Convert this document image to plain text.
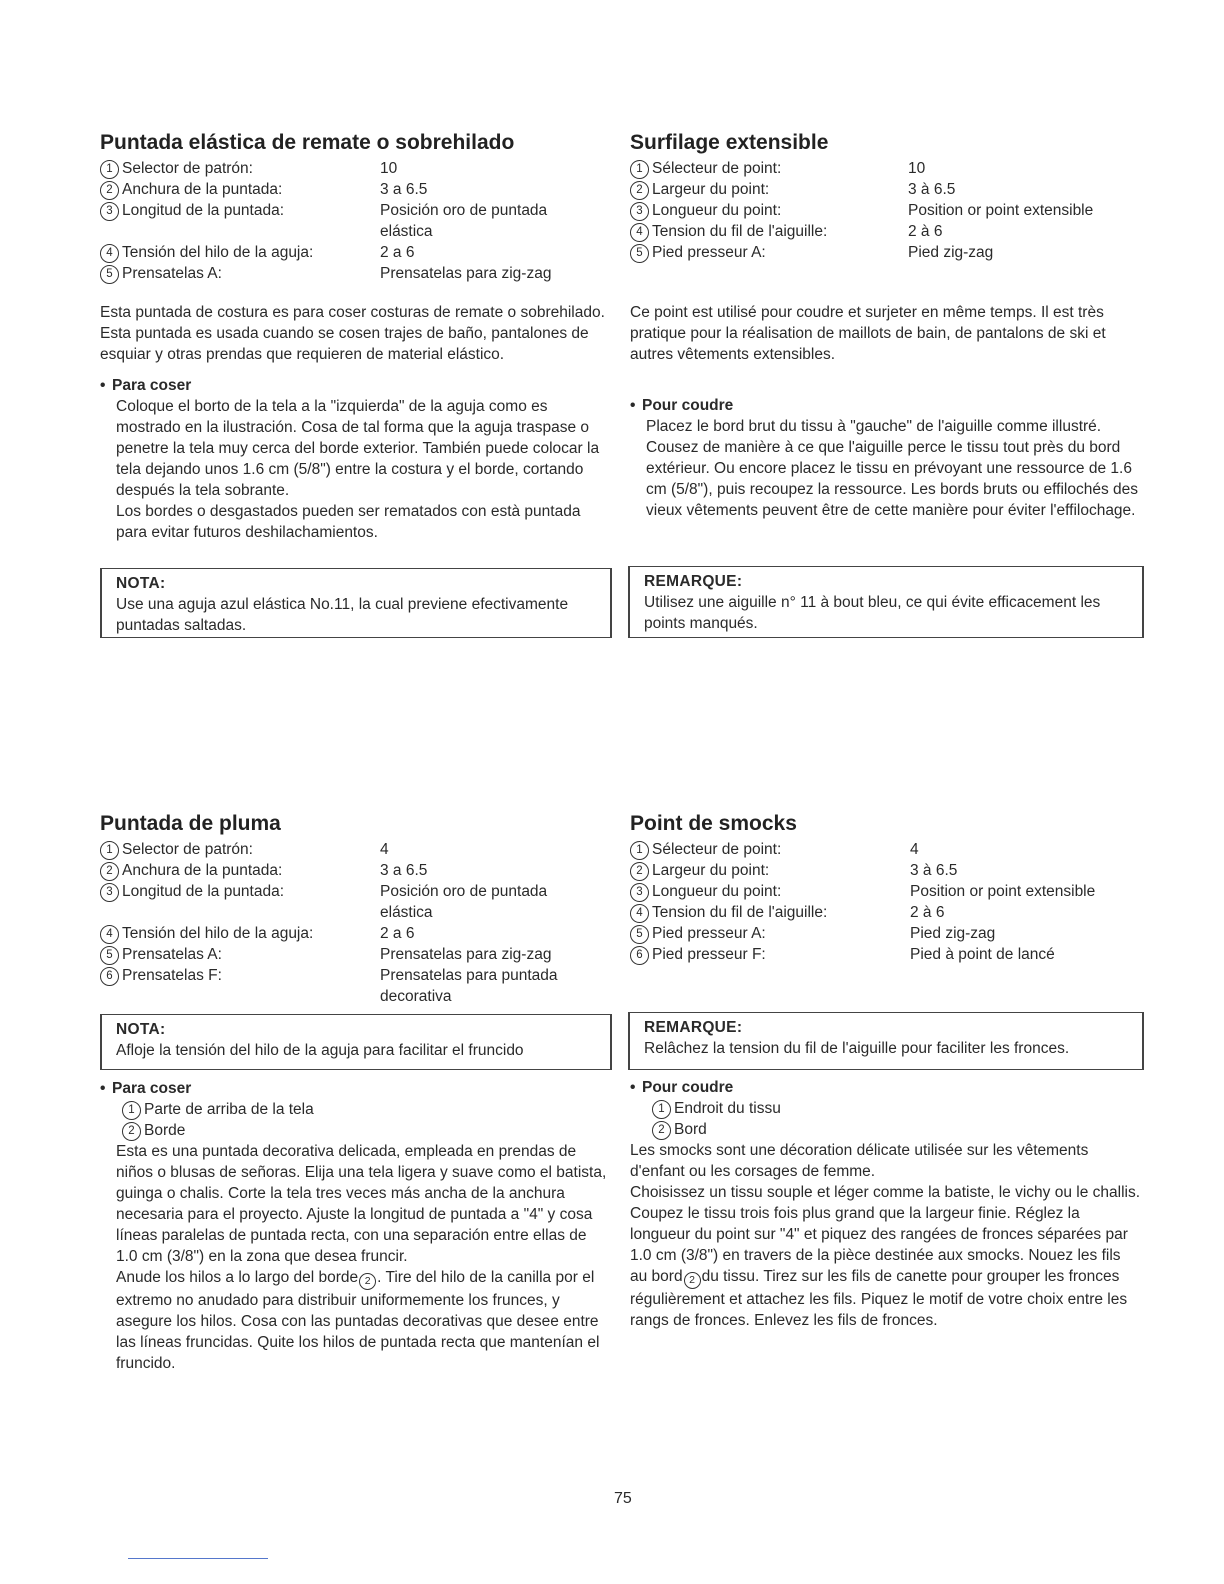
Puntada elástica de remate o sobrehilado
1 Selector de patrón:	10
2 Anchura de la puntada:	3 a 6.5
3 Longitud de la puntada:	Posición oro de puntada elástica
4 Tensión del hilo de la aguja:	2 a 6
5 Prensatelas A:	Prensatelas para zig-zag

Esta puntada de costura es para coser costuras de remate o sobrehilado. Esta puntada es usada cuando se cosen trajes de baño, pantalones de esquiar y otras prendas que requieren de material elástico.

• Para coser

Coloque el borto de la tela a la "izquierda" de la aguja como es mostrado en la ilustración. Cosa de tal forma que la aguja traspase o penetre la tela muy cerca del borde exterior. También puede colocar la tela dejando unos 1.6 cm (5/8") entre la costura y el borde, cortando después la tela sobrante.

Los bordes o desgastados pueden ser rematados con està puntada para evitar futuros deshilachamientos.

NOTA:

Use una aguja azul elástica No.11, la cual previene efectivamente puntadas saltadas.

Surfilage extensible
1 Sélecteur de point:	10
2 Largeur du point:	3 à 6.5
3 Longueur du point:	Position or point extensible
4 Tension du fil de l'aiguille:	2 à 6
5 Pied presseur A:	Pied zig-zag

Ce point est utilisé pour coudre et surjeter en même temps. Il est très pratique pour la réalisation de maillots de bain, de pantalons de ski et autres vêtements extensibles.

• Pour coudre

Placez le bord brut du tissu à "gauche" de l'aiguille comme illustré. Cousez de manière à ce que l'aiguille perce le tissu tout près du bord extérieur. Ou encore placez le tissu en prévoyant une ressource de 1.6 cm (5/8"), puis recoupez la ressource. Les bords bruts ou effilochés des vieux vêtements peuvent être de cette manière pour éviter l'effilochage.

REMARQUE:

Utilisez une aiguille n° 11 à bout bleu, ce qui évite efficacement les points manqués.

Puntada de pluma
1 Selector de patrón:	4
2 Anchura de la puntada:	3 a 6.5
3 Longitud de la puntada:	Posición oro de puntada elástica
4 Tensión del hilo de la aguja:	2 a 6
5 Prensatelas A:	Prensatelas para zig-zag
6 Prensatelas F:	Prensatelas para puntada decorativa

NOTA:

Afloje la tensión del hilo de la aguja para facilitar el fruncido

• Para coser

1 Parte de arriba de la tela
2 Borde

Esta es una puntada decorativa delicada, empleada en prendas de niños o blusas de señoras. Elija una tela ligera y suave como el batista, guinga o chalis. Corte la tela tres veces más ancha de la anchura necesaria para el proyecto. Ajuste la longitud de puntada a "4" y cosa líneas paralelas de puntada recta, con una separación entre ellas de 1.0 cm (3/8") en la zona que desea fruncir.

Anude los hilos a lo largo del borde 2 . Tire del hilo de la canilla por el extremo no anudado para distribuir uniformemente los frunces, y asegure los hilos. Cosa con las puntadas decorativas que desee entre las líneas fruncidas. Quite los hilos de puntada recta que mantenían el fruncido.

Point de smocks
1 Sélecteur de point:	4
2 Largeur du point:	3 à 6.5
3 Longueur du point:	Position or point extensible
4 Tension du fil de l'aiguille:	2 à 6
5 Pied presseur A:	Pied zig-zag
6 Pied presseur F:	Pied à point de lancé

REMARQUE:

Relâchez la tension du fil de l'aiguille pour faciliter les fronces.

• Pour coudre

1 Endroit du tissu
2 Bord

Les smocks sont une décoration délicate utilisée sur les vêtements d'enfant ou les corsages de femme.

Choisissez un tissu souple et léger comme la batiste, le vichy ou le challis. Coupez le tissu trois fois plus grand que la largeur finie. Réglez la longueur du point sur "4" et piquez des rangées de fronces séparées par 1.0 cm (3/8") en travers de la pièce destinée aux smocks. Nouez les fils au bord 2 du tissu. Tirez sur les fils de canette pour grouper les fronces régulièrement et attachez les fils. Piquez le motif de votre choix entre les rangs de fronces. Enlevez les fils de fronces.

75
